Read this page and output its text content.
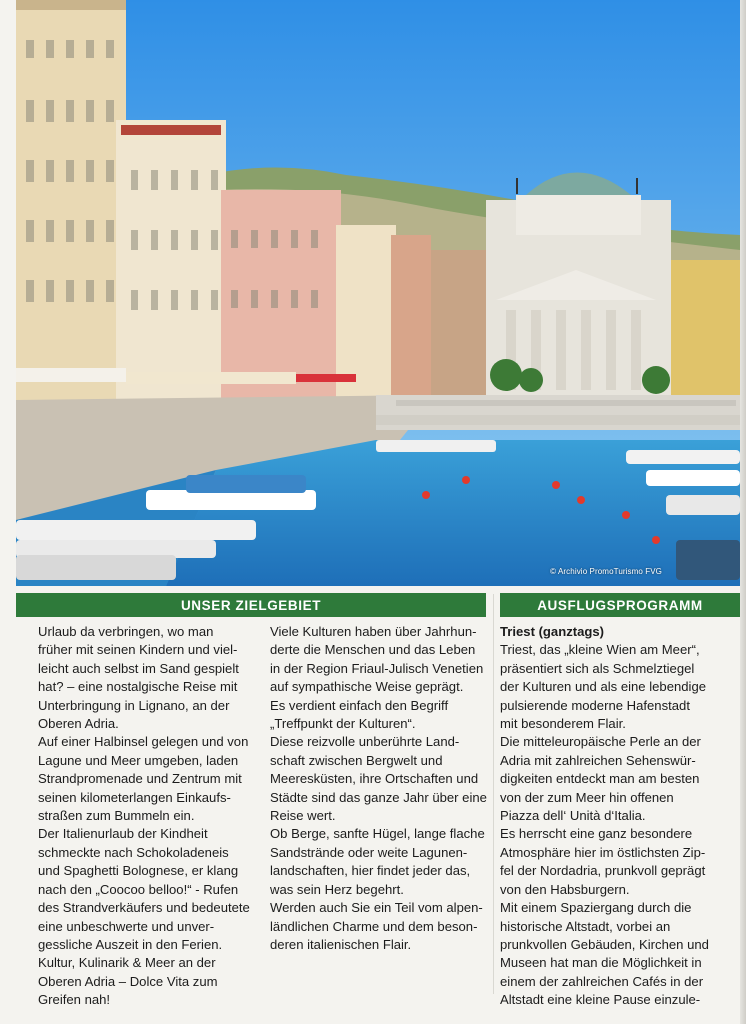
© Archivio PromoTurismo FVG
UNSER ZIELGEBIET	AUSFLUGSPROGRAMM

Urlaub da verbringen, wo man

früher mit seinen Kindern und viel-

leicht auch selbst im Sand gespielt

hat? – eine nostalgische Reise mit

Unterbringung in Lignano, an der

Oberen Adria.

Auf einer Halbinsel gelegen und von

Lagune und Meer umgeben, laden

Strandpromenade und Zentrum mit

seinen kilometerlangen Einkaufs-

straßen zum Bummeln ein.

Der Italienurlaub der Kindheit

schmeckte nach Schokoladeneis

und Spaghetti Bolognese, er klang

nach den „Coocoo belloo!“ - Rufen

des Strandverkäufers und bedeutete

eine unbeschwerte und unver-

gessliche Auszeit in den Ferien.

Kultur, Kulinarik & Meer an der

Oberen Adria – Dolce Vita zum

Greifen nah!

Viele Kulturen haben über Jahrhun-

derte die Menschen und das Leben

in der Region Friaul-Julisch Venetien

auf sympathische Weise geprägt.

Es verdient einfach den Begriff

„Treffpunkt der Kulturen“.

Diese reizvolle unberührte Land-

schaft zwischen Bergwelt und

Meeresküsten, ihre Ortschaften und

Städte sind das ganze Jahr über eine

Reise wert.

Ob Berge, sanfte Hügel, lange flache

Sandstrände oder weite Lagunen-

landschaften, hier findet jeder das,

was sein Herz begehrt.

Werden auch Sie ein Teil vom alpen-

ländlichen Charme und dem beson-

deren italienischen Flair.

Triest (ganztags)

Triest, das „kleine Wien am Meer“,

präsentiert sich als Schmelztiegel

der Kulturen und als eine lebendige

pulsierende moderne Hafenstadt

mit besonderem Flair.

Die mitteleuropäische Perle an der

Adria mit zahlreichen Sehenswür-

digkeiten entdeckt man am besten

von der zum Meer hin offenen

Piazza dell‘ Unità d‘Italia.

Es herrscht eine ganz besondere

Atmosphäre hier im östlichsten Zip-

fel der Nordadria, prunkvoll geprägt

von den Habsburgern.

Mit einem Spaziergang durch die

historische Altstadt, vorbei an

prunkvollen Gebäuden, Kirchen und

Museen hat man die Möglichkeit in

einem der zahlreichen Cafés in der

Altstadt eine kleine Pause einzule-
